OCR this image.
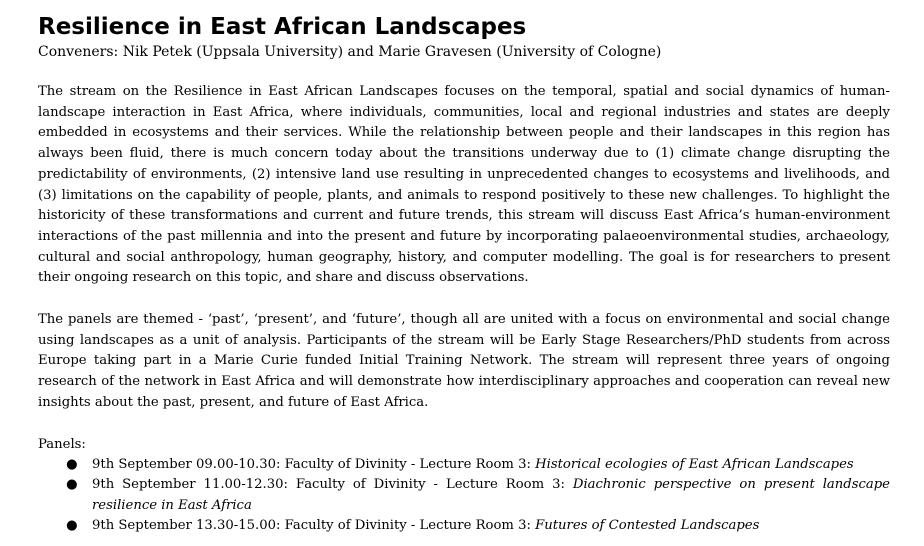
Resilience in East African Landscapes

Conveners: Nik Petek (Uppsala University) and Marie Gravesen (University of Cologne)

The stream on the Resilience in East African Landscapes focuses on the temporal, spatial and social dynamics of human-landscape interaction in East Africa, where individuals, communities, local and regional industries and states are deeply embedded in ecosystems and their services. While the relationship between people and their landscapes in this region has always been fluid, there is much concern today about the transitions underway due to (1) climate change disrupting the predictability of environments, (2) intensive land use resulting in unprecedented changes to ecosystems and livelihoods, and (3) limitations on the capability of people, plants, and animals to respond positively to these new challenges. To highlight the historicity of these transformations and current and future trends, this stream will discuss East Africa’s human-environment interactions of the past millennia and into the present and future by incorporating palaeoenvironmental studies, archaeology, cultural and social anthropology, human geography, history, and computer modelling. The goal is for researchers to present their ongoing research on this topic, and share and discuss observations.

The panels are themed - ‘past’, ‘present’, and ‘future’, though all are united with a focus on environmental and social change using landscapes as a unit of analysis. Participants of the stream will be Early Stage Researchers/PhD students from across Europe taking part in a Marie Curie funded Initial Training Network. The stream will represent three years of ongoing research of the network in East Africa and will demonstrate how interdisciplinary approaches and cooperation can reveal new insights about the past, present, and future of East Africa.

Panels:

● 9th September 09.00-10.30: Faculty of Divinity - Lecture Room 3: Historical ecologies of East African Landscapes
● 9th September 11.00-12.30: Faculty of Divinity - Lecture Room 3: Diachronic perspective on present landscape resilience in East Africa
● 9th September 13.30-15.00: Faculty of Divinity - Lecture Room 3: Futures of Contested Landscapes
